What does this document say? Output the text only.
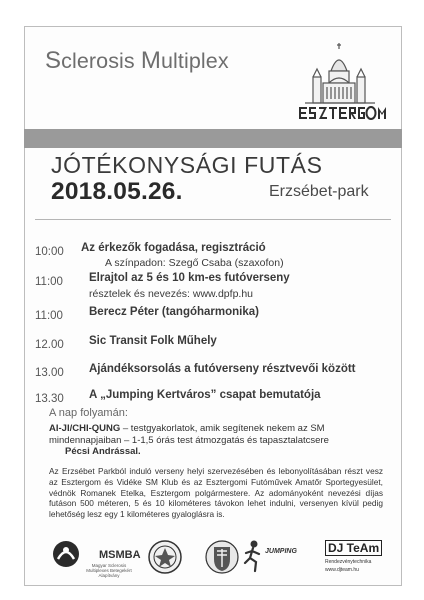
Sclerosis Multiplex
JÓTÉKONYSÁGI FUTÁS
2018.05.26.	Erzsébet-park
10:00 Az érkezők fogadása, regisztráció
A színpadon: Szegő Csaba (szaxofon)
11:00 Elrajtol az 5 és 10 km-es futóverseny
résztelek és nevezés: www.dpfp.hu
11:00 Berecz Péter (tangóharmonika)
12.00 Sic Transit Folk Műhely
13.00 Ajándéksorsolás a futóverseny résztvevői között
13.30 A „Jumping Kertváros” csapat bemutatója
A nap folyamán:
AI-JI/CHI-QUNG – testgyakorlatok, amik segítenek nekem az SM mindennapjaiban – 1-1,5 órás test átmozgatás és tapasztalatcsere
Pécsi Andrással.
Az Erzsébet Parkból induló verseny helyi szervezésében és lebonyolításában részt vesz az Esztergom és Vidéke SM Klub és az Esztergomi Futóművek Amatőr Sportegyesület, védnök Romanek Etelka, Esztergom polgármestere. Az adományoként nevezési díjas futáson 500 méteren, 5 és 10 kilométeres távokon lehet indulni, versenyen kívül pedig lehetőség lesz egy 1 kilométeres gyaloglásra is.
MSMBA
Magyar Sclerosis Multiplexes Betegekért Alapítvány
JUMPING	DJ TeAm
Rendezvénytechnika
www.djteam.hu
